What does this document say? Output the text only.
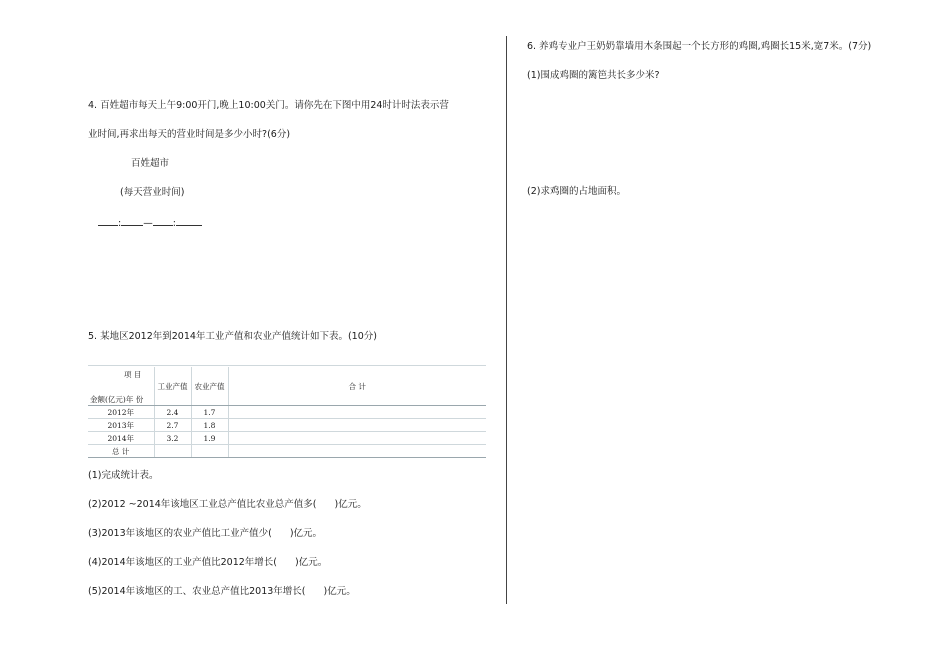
4. 百姓超市每天上午9:00开门,晚上10:00关门。请你先在下图中用24时计时法表示营
业时间,再求出每天的营业时间是多少小时?(6分)
百姓超市
(每天营业时间)
: — :
5. 某地区2012年到2014年工业产值和农业产值统计如下表。(10分)
项 目
金额(亿元)年 份	工业产值	农业产值	合 计
2012年	2.4	1.7	
2013年	2.7	1.8	
2014年	3.2	1.9	
总 计			
(1)完成统计表。
(2)2012 ~2014年该地区工业总产值比农业总产值多( )亿元。
(3)2013年该地区的农业产值比工业产值少( )亿元。
(4)2014年该地区的工业产值比2012年增长( )亿元。
(5)2014年该地区的工、农业总产值比2013年增长( )亿元。
6. 养鸡专业户王奶奶靠墙用木条围起一个长方形的鸡圈,鸡圈长15米,宽7米。(7分)
(1)围成鸡圈的篱笆共长多少米?
(2)求鸡圈的占地面积。
